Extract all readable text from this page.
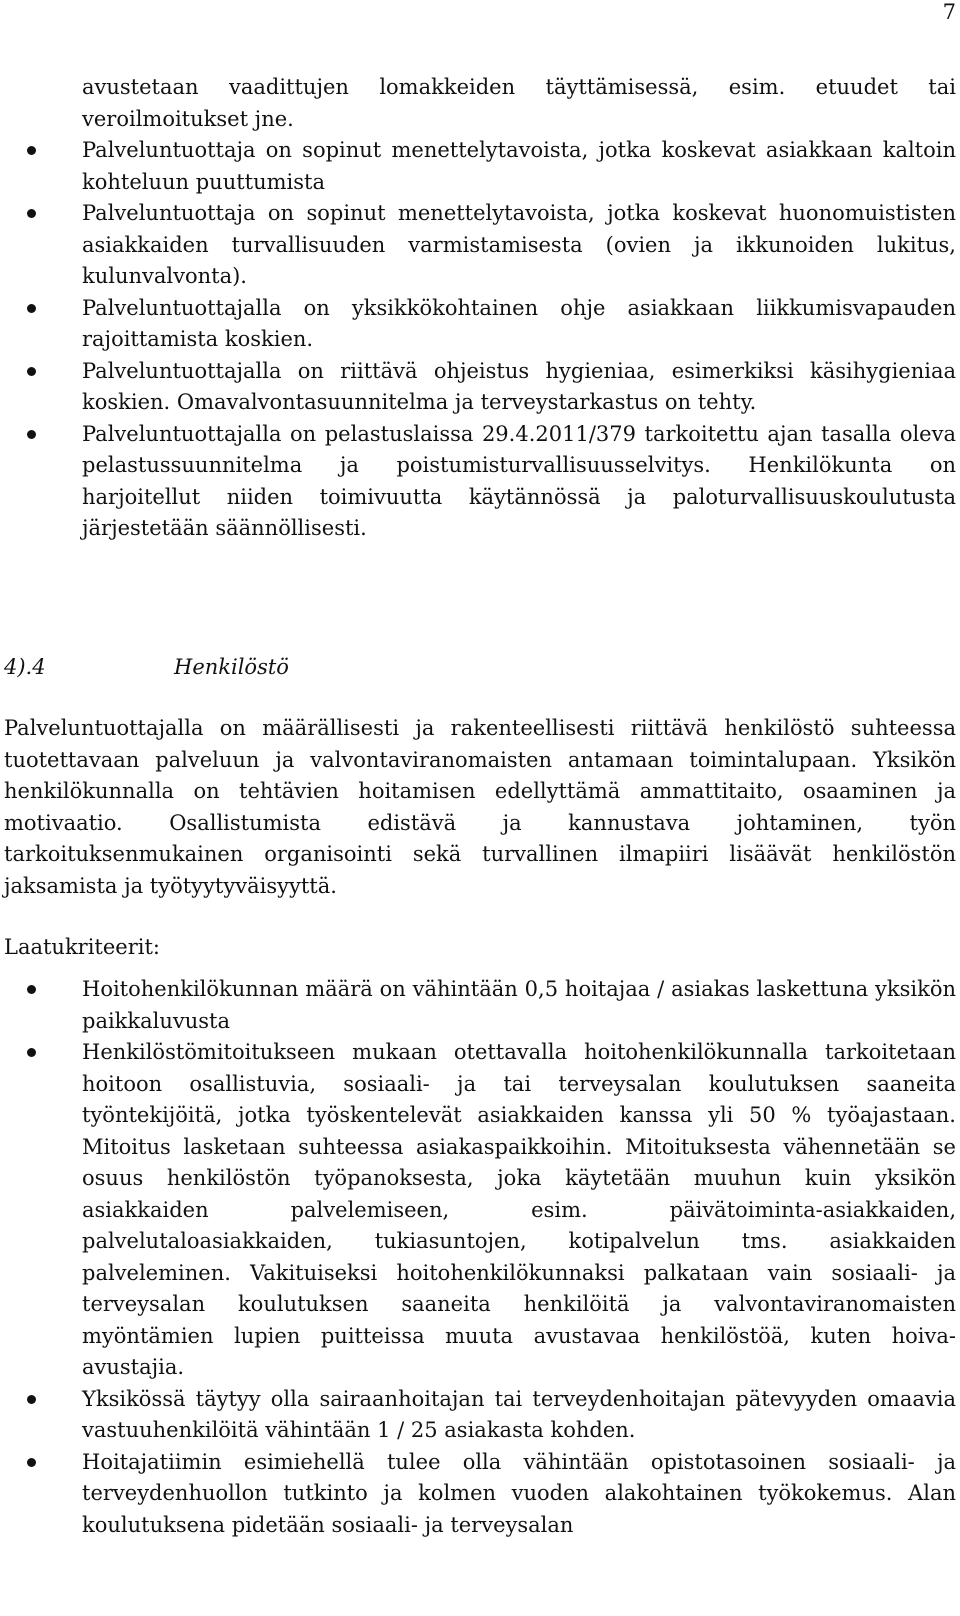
7
avustetaan vaadittujen lomakkeiden täyttämisessä, esim. etuudet tai veroilmoitukset jne.
Palveluntuottaja on sopinut menettelytavoista, jotka koskevat asiakkaan kaltoin kohteluun puuttumista
Palveluntuottaja on sopinut menettelytavoista, jotka koskevat huonomuististen asiakkaiden turvallisuuden varmistamisesta (ovien ja ikkunoiden lukitus, kulunvalvonta).
Palveluntuottajalla on yksikkökohtainen ohje asiakkaan liikkumisvapauden rajoittamista koskien.
Palveluntuottajalla on riittävä ohjeistus hygieniaa, esimerkiksi käsihygieniaa koskien. Omavalvontasuunnitelma ja terveystarkastus on tehty.
Palveluntuottajalla on pelastuslaissa 29.4.2011/379 tarkoitettu ajan tasalla oleva pelastussuunnitelma ja poistumisturvallisuusselvitys. Henkilökunta on harjoitellut niiden toimivuutta käytännössä ja paloturvallisuuskoulutusta järjestetään säännöllisesti.
4).4	Henkilöstö
Palveluntuottajalla on määrällisesti ja rakenteellisesti riittävä henkilöstö suhteessa tuotettavaan palveluun ja valvontaviranomaisten antamaan toimintalupaan. Yksikön henkilökunnalla on tehtävien hoitamisen edellyttämä ammattitaito, osaaminen ja motivaatio. Osallistumista edistävä ja kannustava johtaminen, työn tarkoituksenmukainen organisointi sekä turvallinen ilmapiiri lisäävät henkilöstön jaksamista ja työtyytyväisyyttä.
Laatukriteerit:
Hoitohenkilökunnan määrä on vähintään 0,5 hoitajaa / asiakas laskettuna yksikön paikkaluvusta
Henkilöstömitoitukseen mukaan otettavalla hoitohenkilökunnalla tarkoitetaan hoitoon osallistuvia, sosiaali- ja tai terveysalan koulutuksen saaneita työntekijöitä, jotka työskentelevät asiakkaiden kanssa yli 50 % työajastaan. Mitoitus lasketaan suhteessa asiakaspaikkoihin. Mitoituksesta vähennetään se osuus henkilöstön työpanoksesta, joka käytetään muuhun kuin yksikön asiakkaiden palvelemiseen, esim. päivätoiminta-asiakkaiden, palvelutaloasiakkaiden, tukiasuntojen, kotipalvelun tms. asiakkaiden palveleminen. Vakituiseksi hoitohenkilökunnaksi palkataan vain sosiaali- ja terveysalan koulutuksen saaneita henkilöitä ja valvontaviranomaisten myöntämien lupien puitteissa muuta avustavaa henkilöstöä, kuten hoiva-avustajia.
Yksikössä täytyy olla sairaanhoitajan tai terveydenhoitajan pätevyyden omaavia vastuuhenkilöitä vähintään 1 / 25 asiakasta kohden.
Hoitajatiimin esimiehellä tulee olla vähintään opistotasoinen sosiaali- ja terveydenhuollon tutkinto ja kolmen vuoden alakohtainen työkokemus. Alan koulutuksena pidetään sosiaali- ja terveysalan
